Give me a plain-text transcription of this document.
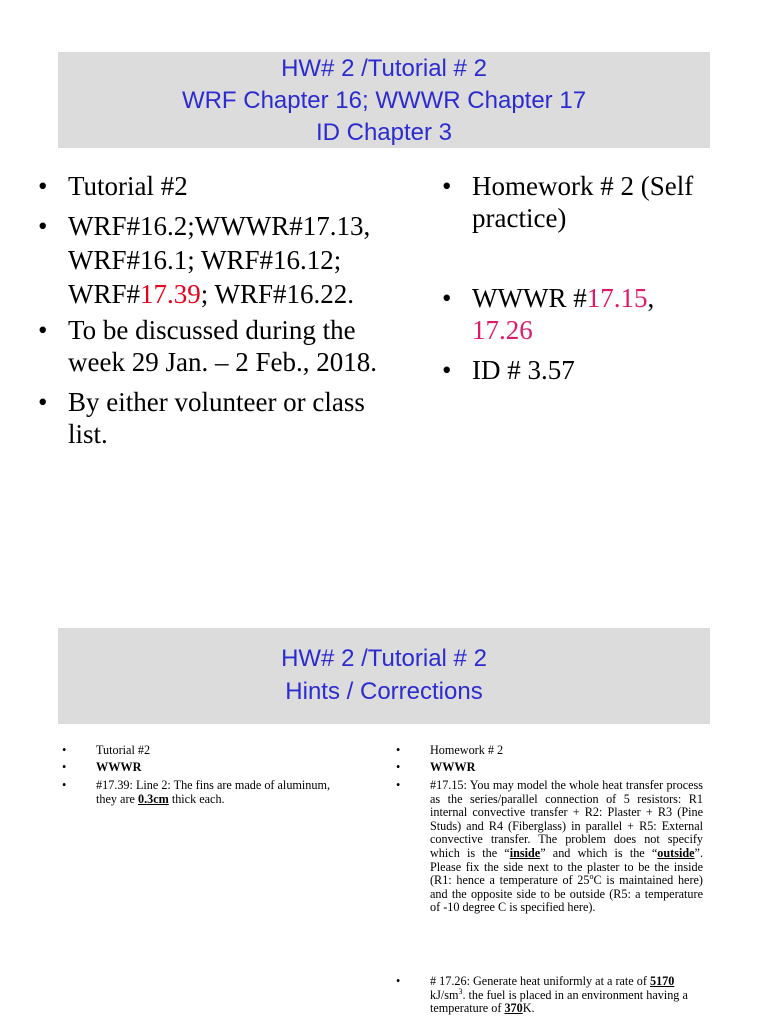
HW# 2 /Tutorial # 2
WRF Chapter 16; WWWR Chapter 17
ID Chapter 3
• Tutorial #2
• WRF#16.2;WWWR#17.13,
WRF#16.1; WRF#16.12;
WRF#17.39; WRF#16.22.
• To be discussed during the
week 29 Jan. – 2 Feb., 2018.
• By either volunteer or class
list.
• Homework # 2 (Self
practice)
• WWWR #17.15,
17.26
• ID # 3.57
HW# 2 /Tutorial # 2
Hints / Corrections
• Tutorial #2
• WWWR
• #17.39: Line 2: The fins are made of aluminum, they are 0.3cm thick each.
• Homework # 2
• WWWR
• #17.15: You may model the whole heat transfer process as the series/parallel connection of 5 resistors: R1 internal convective transfer + R2: Plaster + R3 (Pine Studs) and R4 (Fiberglass) in parallel + R5: External convective transfer. The problem does not specify which is the “inside” and which is the “outside”. Please fix the side next to the plaster to be the inside (R1: hence a temperature of 25$^o$C is maintained here) and the opposite side to be outside (R5: a temperature of -10 degree C is specified here).
• # 17.26: Generate heat uniformly at a rate of 5170 $kJ/sm^3$. the fuel is placed in an environment having a temperature of 370K.
